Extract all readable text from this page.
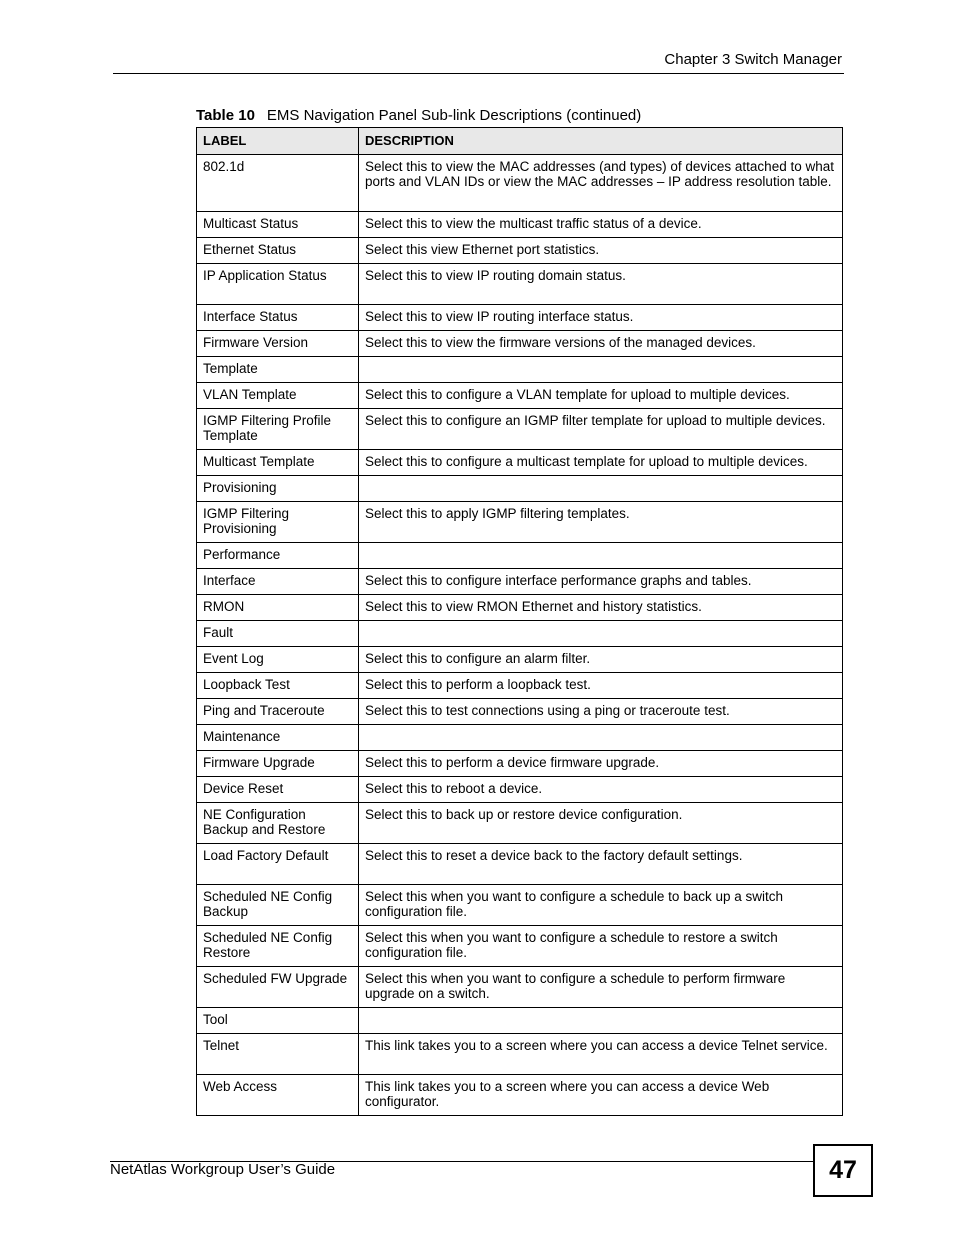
Chapter 3 Switch Manager
Table 10 EMS Navigation Panel Sub-link Descriptions (continued)
LABEL	DESCRIPTION
802.1d	Select this to view the MAC addresses (and types) of devices attached to what ports and VLAN IDs or view the MAC addresses – IP address resolution table.
Multicast Status	Select this to view the multicast traffic status of a device.
Ethernet Status	Select this view Ethernet port statistics.
IP Application Status	Select this to view IP routing domain status.
Interface Status	Select this to view IP routing interface status.
Firmware Version	Select this to view the firmware versions of the managed devices.
Template	
VLAN Template	Select this to configure a VLAN template for upload to multiple devices.
IGMP Filtering Profile Template	Select this to configure an IGMP filter template for upload to multiple devices.
Multicast Template	Select this to configure a multicast template for upload to multiple devices.
Provisioning	
IGMP Filtering Provisioning	Select this to apply IGMP filtering templates.
Performance	
Interface	Select this to configure interface performance graphs and tables.
RMON	Select this to view RMON Ethernet and history statistics.
Fault	
Event Log	Select this to configure an alarm filter.
Loopback Test	Select this to perform a loopback test.
Ping and Traceroute	Select this to test connections using a ping or traceroute test.
Maintenance	
Firmware Upgrade	Select this to perform a device firmware upgrade.
Device Reset	Select this to reboot a device.
NE Configuration Backup and Restore	Select this to back up or restore device configuration.
Load Factory Default	Select this to reset a device back to the factory default settings.
Scheduled NE Config Backup	Select this when you want to configure a schedule to back up a switch configuration file.
Scheduled NE Config Restore	Select this when you want to configure a schedule to restore a switch configuration file.
Scheduled FW Upgrade	Select this when you want to configure a schedule to perform firmware upgrade on a switch.
Tool	
Telnet	This link takes you to a screen where you can access a device Telnet service.
Web Access	This link takes you to a screen where you can access a device Web configurator.
NetAtlas Workgroup User’s Guide	47
